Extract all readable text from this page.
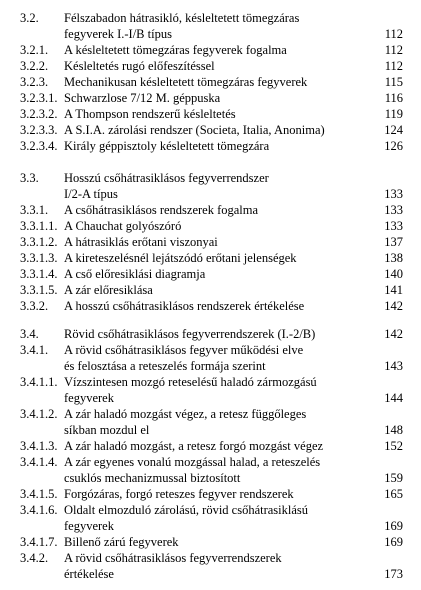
3.2. Félszabadon hátrasikló, késleltetett tömegzáras
fegyverek I.-I/B típus	112
3.2.1. A késleltetett tömegzáras fegyverek fogalma	112
3.2.2. Késleltetés rugó előfeszítéssel	112
3.2.3. Mechanikusan késleltetett tömegzáras fegyverek	115
3.2.3.1. Schwarzlose 7/12 M. géppuska	116
3.2.3.2. A Thompson rendszerű késleltetés	119
3.2.3.3. A S.I.A. zárolási rendszer (Societa, Italia, Anonima)	124
3.2.3.4. Király géppisztoly késleltetett tömegzára	126
3.3. Hosszú csőhátrasiklásos fegyverrendszer
I/2-A típus	133
3.3.1. A csőhátrasiklásos rendszerek fogalma	133
3.3.1.1. A Chauchat golyószóró	133
3.3.1.2. A hátrasiklás erőtani viszonyai	137
3.3.1.3. A kireteszelésnél lejátszódó erőtani jelenségek	138
3.3.1.4. A cső előresiklási diagramja	140
3.3.1.5. A zár előresiklása	141
3.3.2. A hosszú csőhátrasiklásos rendszerek értékelése	142
3.4. Rövid csőhátrasiklásos fegyverrendszerek (I.-2/B)	142
3.4.1. A rövid csőhátrasiklásos fegyver működési elve
és felosztása a reteszelés formája szerint	143
3.4.1.1. Vízszintesen mozgó reteselésű haladó zármozgású
fegyverek	144
3.4.1.2. A zár haladó mozgást végez, a retesz függőleges
síkban mozdul el	148
3.4.1.3. A zár haladó mozgást, a retesz forgó mozgást végez	152
3.4.1.4. A zár egyenes vonalú mozgással halad, a reteszelés
csuklós mechanizmussal biztosított	159
3.4.1.5. Forgózáras, forgó reteszes fegyver rendszerek	165
3.4.1.6. Oldalt elmozduló zárolású, rövid csőhátrasiklású
fegyverek	169
3.4.1.7. Billenő zárú fegyverek	169
3.4.2. A rövid csőhátrasiklásos fegyverrendszerek
értékelése	173
